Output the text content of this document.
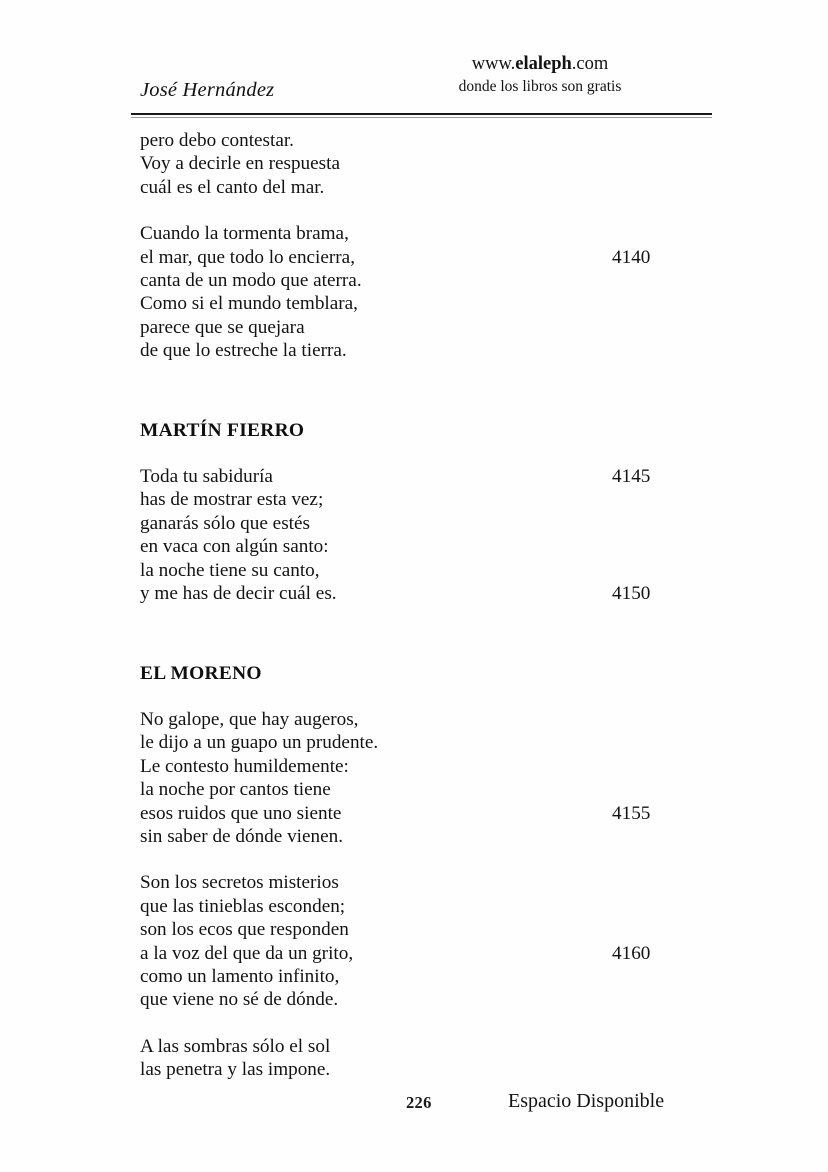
José Hernández
www.elaleph.com
donde los libros son gratis
pero debo contestar.
Voy a decirle en respuesta
cuál es el canto del mar.
Cuando la tormenta brama,
el mar, que todo lo encierra,	4140
canta de un modo que aterra.
Como si el mundo temblara,
parece que se quejara
de que lo estreche la tierra.
MARTÍN FIERRO
Toda tu sabiduría	4145
has de mostrar esta vez;
ganarás sólo que estés
en vaca con algún santo:
la noche tiene su canto,
y me has de decir cuál es.	4150
EL MORENO
No galope, que hay augeros,
le dijo a un guapo un prudente.
Le contesto humildemente:
la noche por cantos tiene
esos ruidos que uno siente	4155
sin saber de dónde vienen.
Son los secretos misterios
que las tinieblas esconden;
son los ecos que responden
a la voz del que da un grito,	4160
como un lamento infinito,
que viene no sé de dónde.
A las sombras sólo el sol
las penetra y las impone.
226	Espacio Disponible
